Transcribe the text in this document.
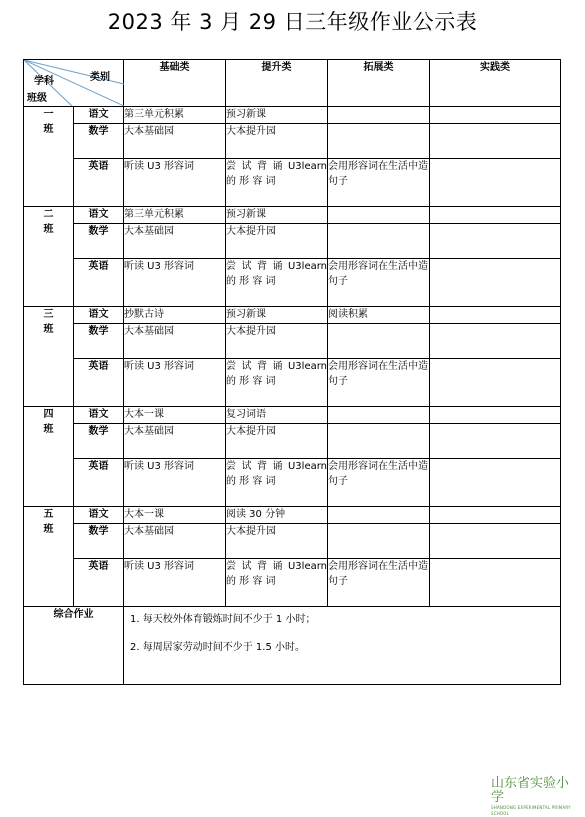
2023 年 3 月 29 日三年级作业公示表
学科 类别
班级		基础类	提升类	拓展类	实践类
一
班	语文	第三单元积累	预习新课		
	数学	大本基础园	大本提升园		
	英语	听读 U3 形容词	尝 试 背 诵 U3learn 的 形 容 词	会用形容词在生活中造句子	
二
班	语文	第三单元积累	预习新课		
	数学	大本基础园	大本提升园		
	英语	听读 U3 形容词	尝 试 背 诵 U3learn 的 形 容 词	会用形容词在生活中造句子	
三
班	语文	抄默古诗	预习新课	阅读积累	
	数学	大本基础园	大本提升园		
	英语	听读 U3 形容词	尝 试 背 诵 U3learn 的 形 容 词	会用形容词在生活中造句子	
四
班	语文	大本一课	复习词语		
	数学	大本基础园	大本提升园		
	英语	听读 U3 形容词	尝 试 背 诵 U3learn 的 形 容 词	会用形容词在生活中造句子	
五
班	语文	大本一课	阅读 30 分钟		
	数学	大本基础园	大本提升园		
	英语	听读 U3 形容词	尝 试 背 诵 U3learn 的 形 容 词	会用形容词在生活中造句子	
综合作业		1. 每天校外体育锻炼时间不少于 1 小时；
2. 每周居家劳动时间不少于 1.5 小时。			
山东省实验小学
SHANDONG EXPERIMENTAL PRIMARY SCHOOL
